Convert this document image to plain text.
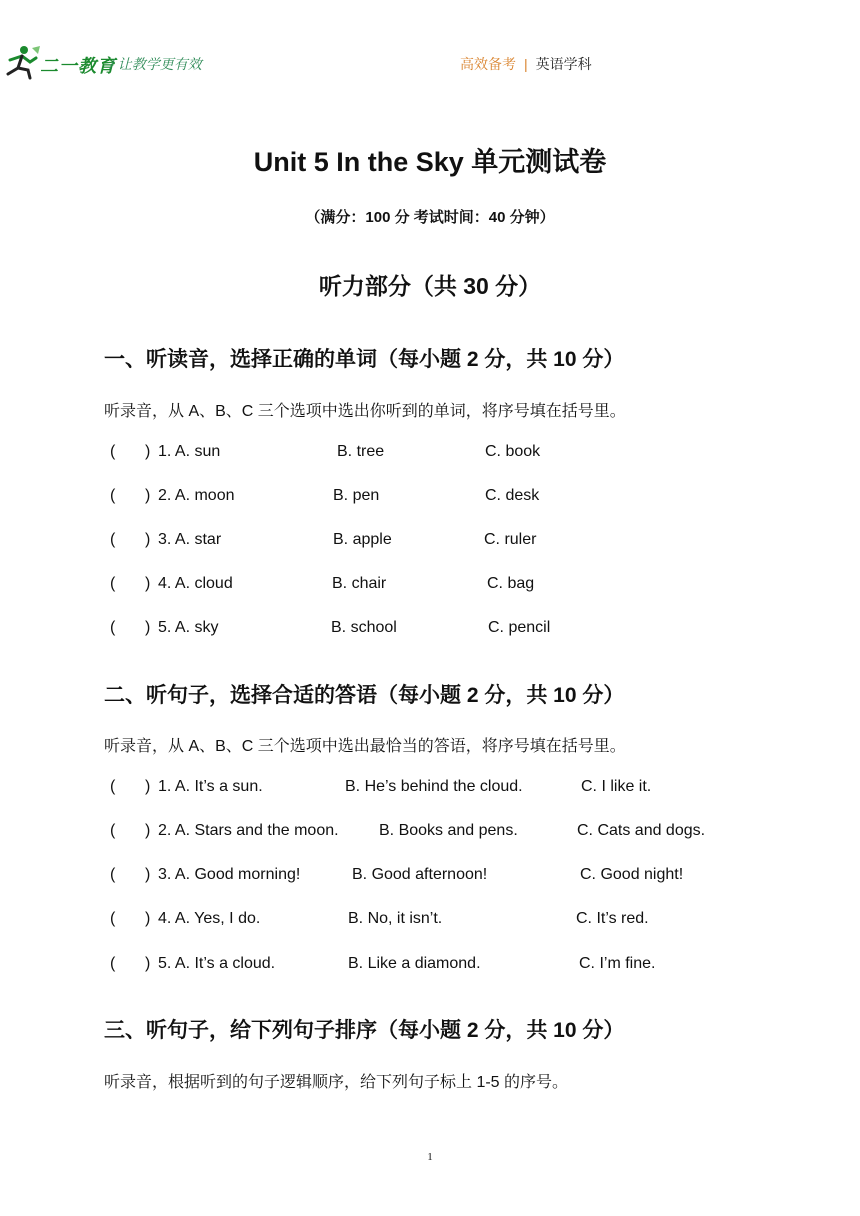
二一教育
/ 让教学更有效	高效备考 | 英语学科
Unit 5 In the Sky 单元测试卷
（满分：100 分 考试时间：40 分钟）
听力部分（共 30 分）
一、听读音，选择正确的单词（每小题 2 分，共 10 分）
听录音，从 A、B、C 三个选项中选出你听到的单词，将序号填在括号里。
( ) 1. A. sun	B. tree	C. book
( ) 2. A. moon	B. pen	C. desk
( ) 3. A. star	B. apple	C. ruler
( ) 4. A. cloud	B. chair	C. bag
( ) 5. A. sky	B. school	C. pencil
二、听句子，选择合适的答语（每小题 2 分，共 10 分）
听录音，从 A、B、C 三个选项中选出最恰当的答语，将序号填在括号里。
( ) 1. A. It’s a sun.	B. He’s behind the cloud.	C. I like it.
( ) 2. A. Stars and the moon.	B. Books and pens.	C. Cats and dogs.
( ) 3. A. Good morning!	B. Good afternoon!	C. Good night!
( ) 4. A. Yes, I do.	B. No, it isn’t.	C. It’s red.
( ) 5. A. It’s a cloud.	B. Like a diamond.	C. I’m fine.
三、听句子，给下列句子排序（每小题 2 分，共 10 分）
听录音，根据听到的句子逻辑顺序，给下列句子标上 1-5 的序号。
1
